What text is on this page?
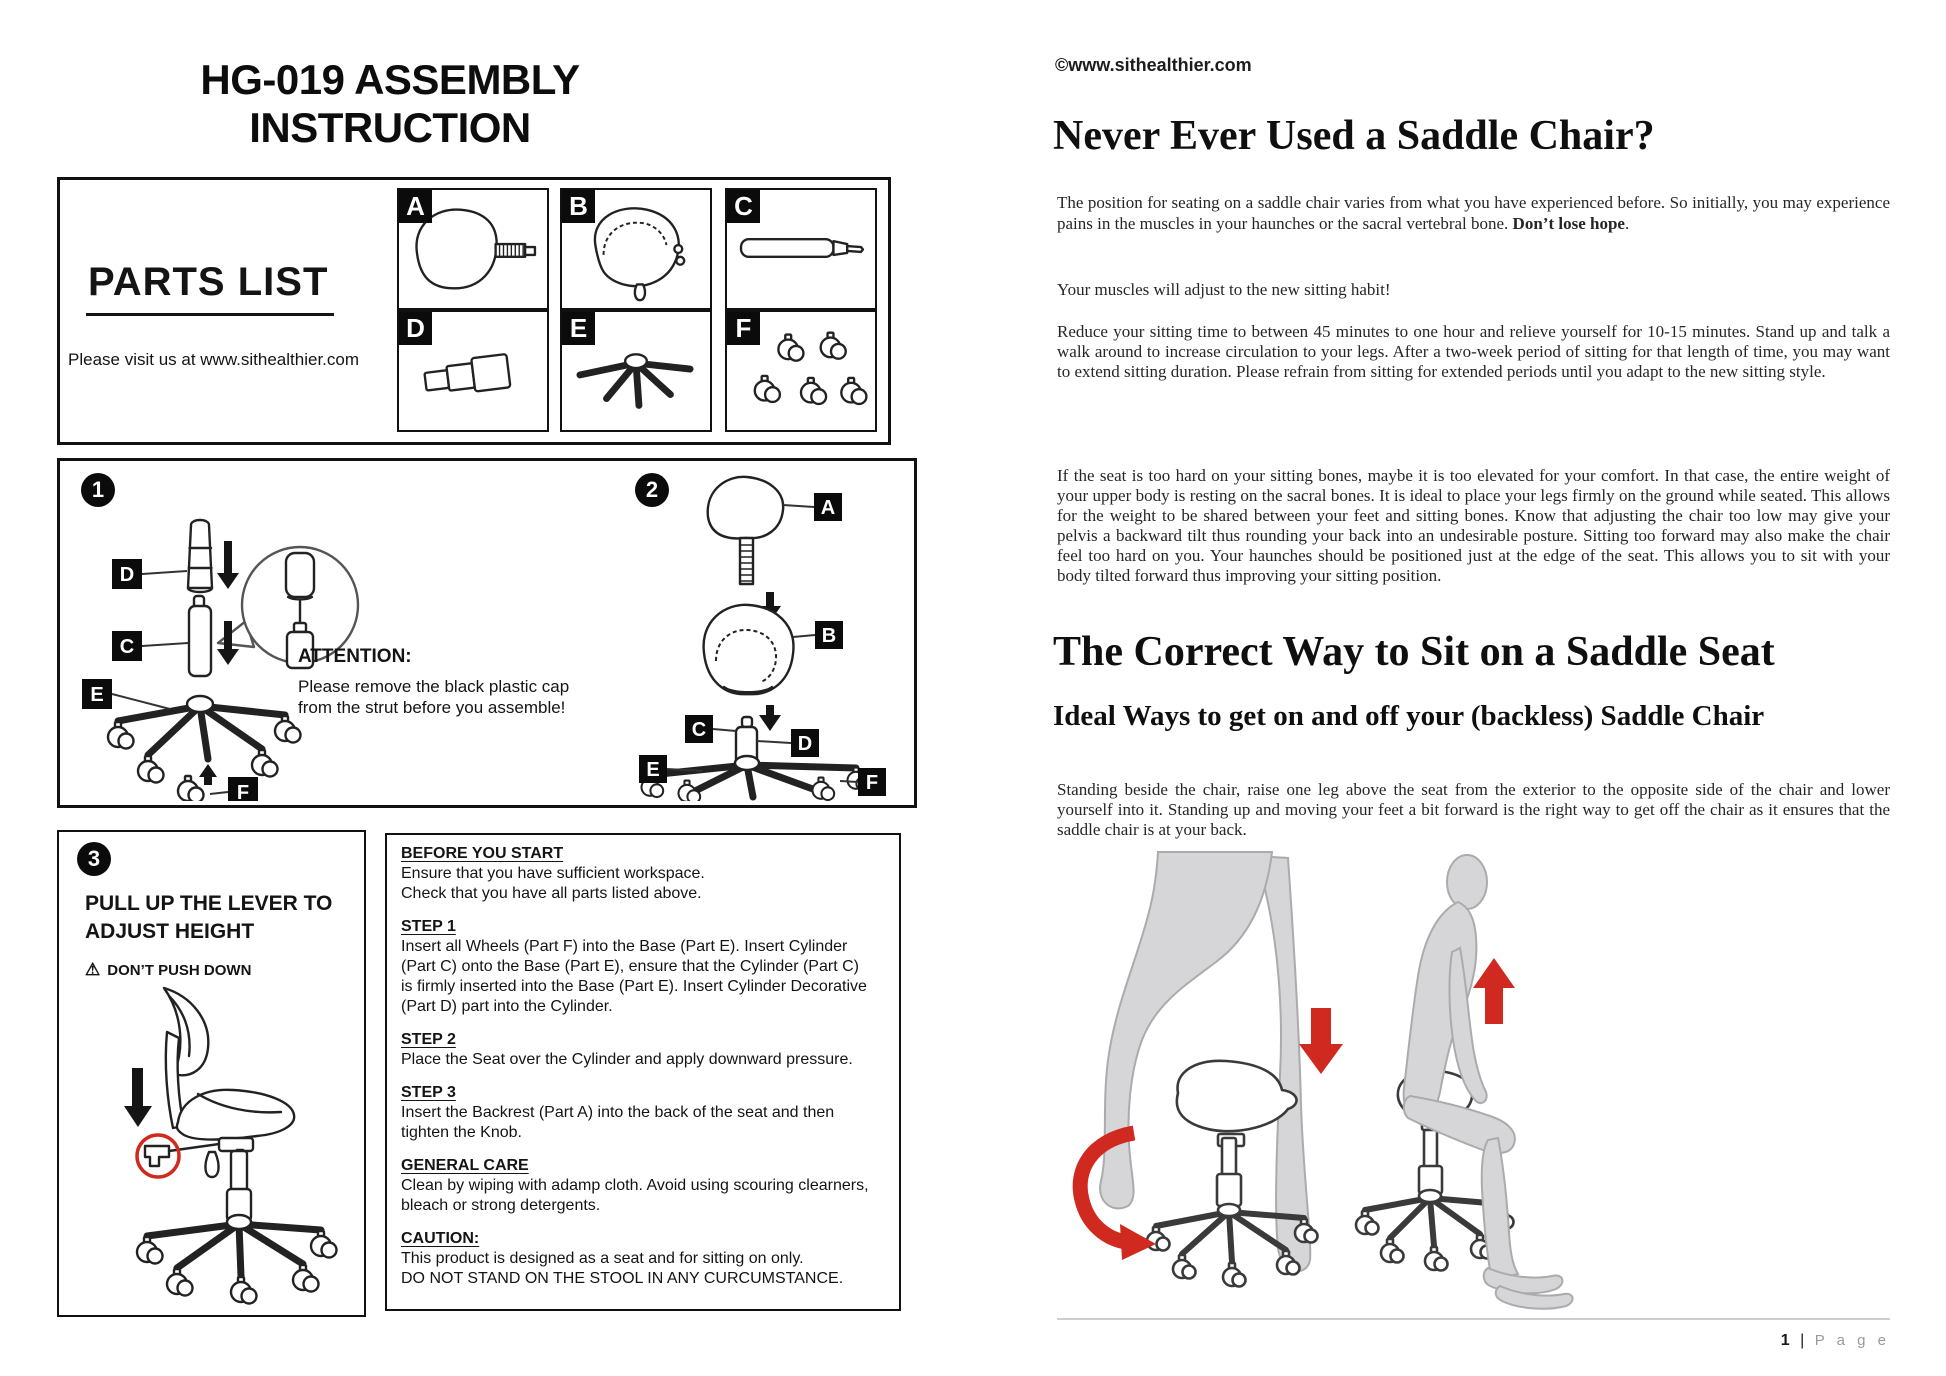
HG-019 ASSEMBLY INSTRUCTION
PARTS LIST
Please visit us at www.sithealthier.com
A	B	C
D	E	F
1
D
C
E
F
ATTENTION:
Please remove the black plastic cap
from the strut before you assemble!
2
A
B
C
D
E
F
3
PULL UP THE LEVER TO
ADJUST HEIGHT
⚠ DON’T PUSH DOWN
BEFORE YOU START
Ensure that you have sufficient workspace.
Check that you have all parts listed above.
STEP 1
Insert all Wheels (Part F) into the Base (Part E). Insert Cylinder
(Part C) onto the Base (Part E), ensure that the Cylinder (Part C)
is firmly inserted into the Base (Part E). Insert Cylinder Decorative
(Part D) part into the Cylinder.
STEP 2
Place the Seat over the Cylinder and apply downward pressure.
STEP 3
Insert the Backrest (Part A) into the back of the seat and then
tighten the Knob.
GENERAL CARE
Clean by wiping with adamp cloth. Avoid using scouring clearners,
bleach or strong detergents.
CAUTION:
This product is designed as a seat and for sitting on only.
DO NOT STAND ON THE STOOL IN ANY CURCUMSTANCE.
©www.sithealthier.com
Never Ever Used a Saddle Chair?
The position for seating on a saddle chair varies from what you have experienced before. So initially, you may experience pains in the muscles in your haunches or the sacral vertebral bone. Don’t lose hope.
Your muscles will adjust to the new sitting habit!
Reduce your sitting time to between 45 minutes to one hour and relieve yourself for 10-15 minutes. Stand up and talk a walk around to increase circulation to your legs. After a two-week period of sitting for that length of time, you may want to extend sitting duration. Please refrain from sitting for extended periods until you adapt to the new sitting style.
If the seat is too hard on your sitting bones, maybe it is too elevated for your comfort. In that case, the entire weight of your upper body is resting on the sacral bones. It is ideal to place your legs firmly on the ground while seated. This allows for the weight to be shared between your feet and sitting bones. Know that adjusting the chair too low may give your pelvis a backward tilt thus rounding your back into an undesirable posture. Sitting too forward may also make the chair feel too hard on you. Your haunches should be positioned just at the edge of the seat. This allows you to sit with your body tilted forward thus improving your sitting position.
The Correct Way to Sit on a Saddle Seat
Ideal Ways to get on and off your (backless) Saddle Chair
Standing beside the chair, raise one leg above the seat from the exterior to the opposite side of the chair and lower yourself into it. Standing up and moving your feet a bit forward is the right way to get off the chair as it ensures that the saddle chair is at your back.
1 | P a g e
